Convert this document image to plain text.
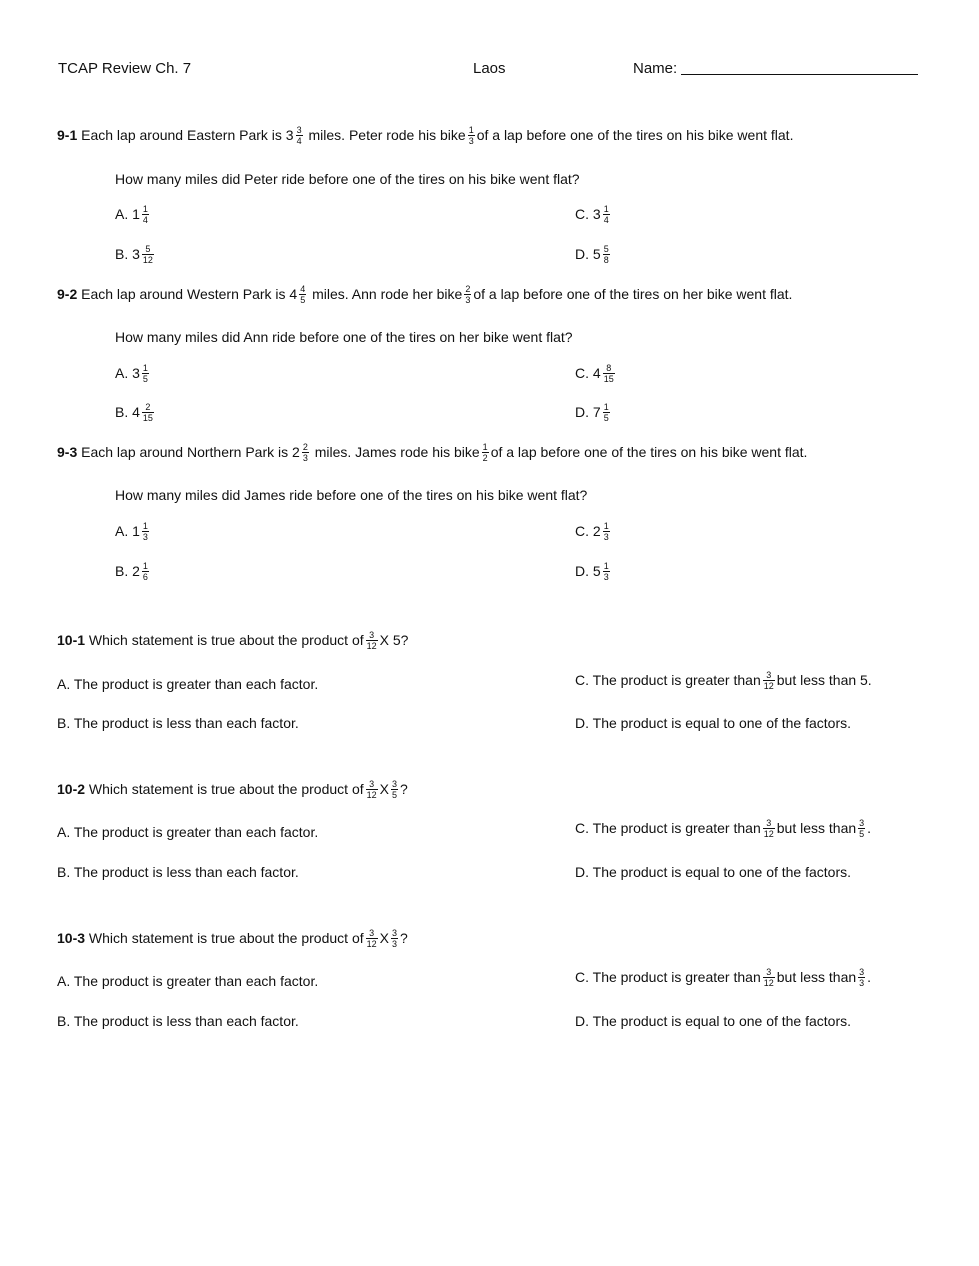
TCAP Review Ch. 7	Laos	Name:
9-1 Each lap around Eastern Park is $3 \frac{3}{4}$ miles. Peter rode his bike $\frac{1}{3}$ of a lap before one of the tires on his bike went flat.
How many miles did Peter ride before one of the tires on his bike went flat?
A. $1 \frac{1}{4}$	C. $3 \frac{1}{4}$
B. $3 \frac{5}{12}$	D. $5 \frac{5}{8}$
9-2 Each lap around Western Park is $4 \frac{4}{5}$ miles. Ann rode her bike $\frac{2}{3}$ of a lap before one of the tires on her bike went flat.
How many miles did Ann ride before one of the tires on her bike went flat?
A. $3 \frac{1}{5}$	C. $4 \frac{8}{15}$
B. $4 \frac{2}{15}$	D. $7 \frac{1}{5}$
9-3 Each lap around Northern Park is $2 \frac{2}{3}$ miles. James rode his bike $\frac{1}{2}$ of a lap before one of the tires on his bike went flat.
How many miles did James ride before one of the tires on his bike went flat?
A. $1 \frac{1}{3}$	C. $2 \frac{1}{3}$
B. $2 \frac{1}{6}$	D. $5 \frac{1}{3}$
10-1 Which statement is true about the product of $\frac{3}{12}$ X 5?
A. The product is greater than each factor.	C. The product is greater than $\frac{3}{12}$ but less than 5.
B. The product is less than each factor.	D. The product is equal to one of the factors.
10-2 Which statement is true about the product of $\frac{3}{12}$ X $\frac{3}{5}$ ?
A. The product is greater than each factor.	C. The product is greater than $\frac{3}{12}$ but less than $\frac{3}{5}$ .
B. The product is less than each factor.	D. The product is equal to one of the factors.
10-3 Which statement is true about the product of $\frac{3}{12}$ X $\frac{3}{3}$ ?
A. The product is greater than each factor.	C. The product is greater than $\frac{3}{12}$ but less than $\frac{3}{3}$ .
B. The product is less than each factor.	D. The product is equal to one of the factors.
